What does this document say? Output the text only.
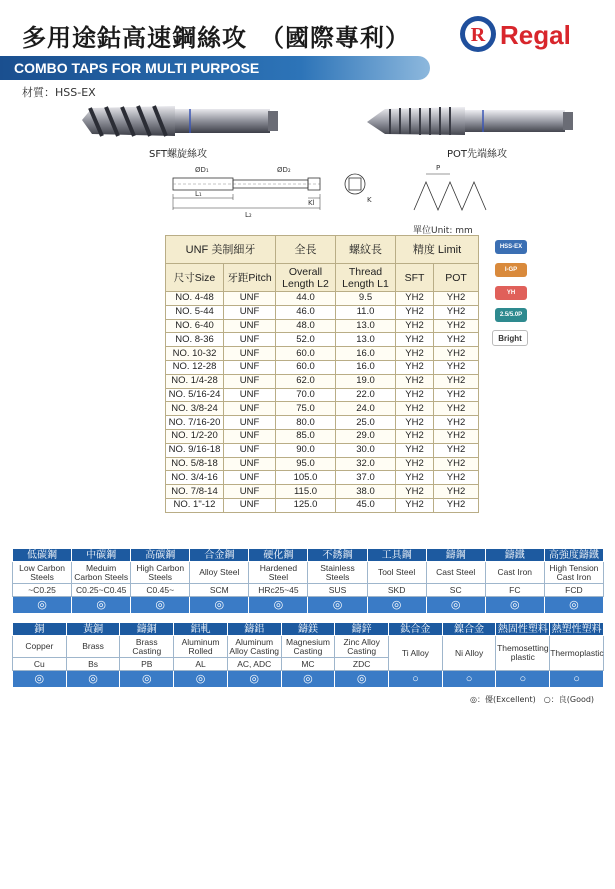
多用途鈷高速鋼絲攻　（國際專利）	R Regal
COMBO TAPS FOR MULTI PURPOSE
材質：HSS-EX
SFT螺旋絲攻	POT先端絲攻
L₁
L₂
Kl
ØD₁	ØD₂
K
P
單位Unit: mm
UNF 美制細牙		全長	螺紋長	精度 Limit	
尺寸Size	牙距Pitch	Overall Length L2	Thread Length L1	SFT	POT
NO. 4-48	UNF	44.0	9.5	YH2	YH2
NO. 5-44	UNF	46.0	11.0	YH2	YH2
NO. 6-40	UNF	48.0	13.0	YH2	YH2
NO. 8-36	UNF	52.0	13.0	YH2	YH2
NO. 10-32	UNF	60.0	16.0	YH2	YH2
NO. 12-28	UNF	60.0	16.0	YH2	YH2
NO. 1/4-28	UNF	62.0	19.0	YH2	YH2
NO. 5/16-24	UNF	70.0	22.0	YH2	YH2
NO. 3/8-24	UNF	75.0	24.0	YH2	YH2
NO. 7/16-20	UNF	80.0	25.0	YH2	YH2
NO. 1/2-20	UNF	85.0	29.0	YH2	YH2
NO. 9/16-18	UNF	90.0	30.0	YH2	YH2
NO. 5/8-18	UNF	95.0	32.0	YH2	YH2
NO. 3/4-16	UNF	105.0	37.0	YH2	YH2
NO. 7/8-14	UNF	115.0	38.0	YH2	YH2
NO. 1"-12	UNF	125.0	45.0	YH2	YH2
HSS-EX
I-GP
YH
2.5/5.0P
Bright
低碳鋼	中碳鋼	高碳鋼	合金鋼	硬化鋼	不銹鋼	工具鋼	鑄鋼	鑄鐵	高強度鑄鐵
Low Carbon Steels	Meduim Carbon Steels	High Carbon Steels	Alloy Steel	Hardened Steel	Stainless Steels	Tool Steel	Cast Steel	Cast Iron	High Tension Cast Iron
~C0.25	C0.25~C0.45	C0.45~	SCM	HRc25~45	SUS	SKD	SC	FC	FCD
◎	◎	◎	◎	◎	◎	◎	◎	◎	◎
銅	黃銅	鑄銅	鋁軋	鑄鋁	鑄鎂	鑄鋅	鈦合金	鎳合金	熱固性塑料	熱塑性塑料
Copper	Brass	Brass Casting	Aluminum Rolled	Aluminum Alloy Casting	Magnesium Casting	Zinc Alloy Casting	Ti Alloy	Ni Alloy	Themosetting plastic	Thermoplastic
Cu	Bs	PB	AL	AC, ADC	MC	ZDC				
◎	◎	◎	◎	◎	◎	◎	○	○	○	○
◎：優(Excellent)　○：良(Good)
